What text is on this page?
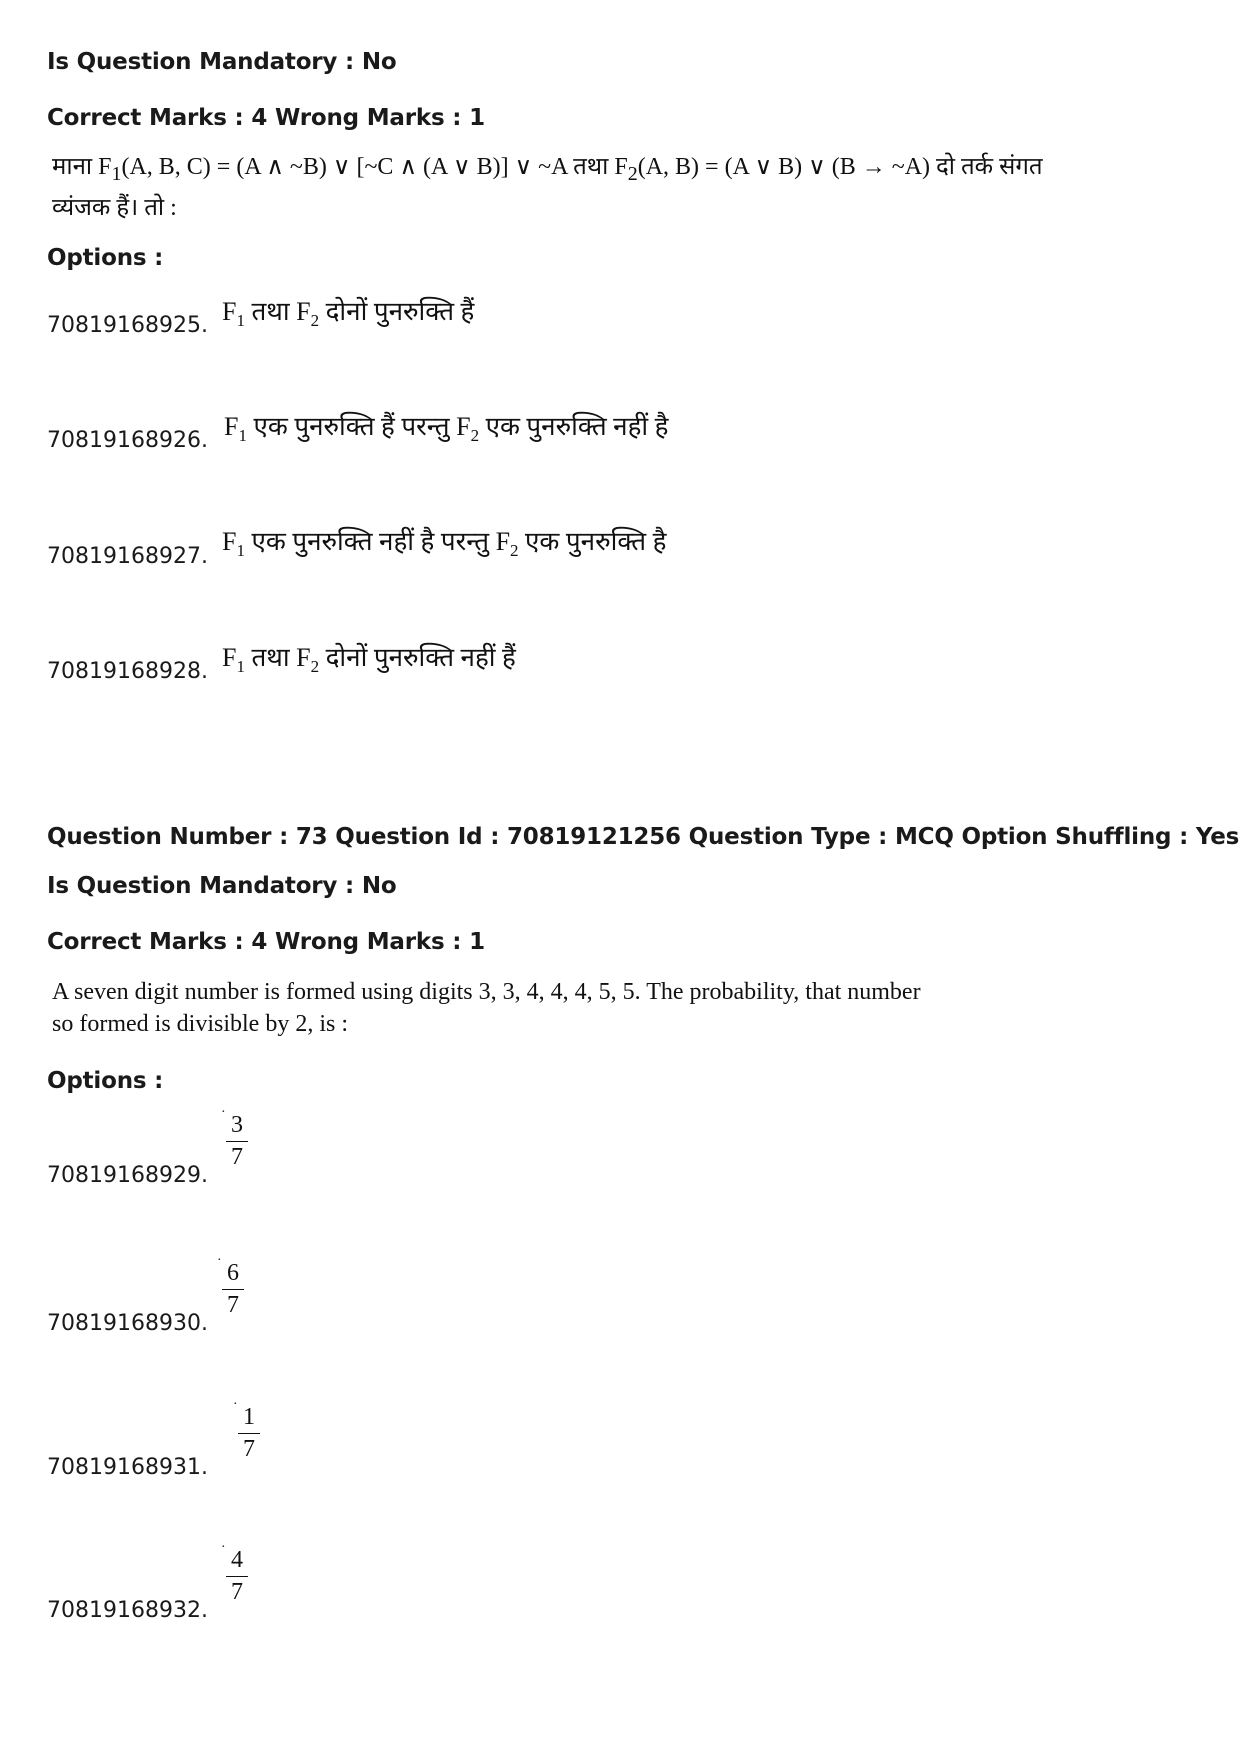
Is Question Mandatory : No
Correct Marks : 4 Wrong Marks : 1
माना $F_1(A$, B, C) = (A ∧ ~B) ∨ [~C ∧ (A ∨ B)] ∨ ~A तथा $F_2(A$, B) = (A ∨ B) ∨ (B → ~A) दो तर्क संगत
व्यंजक हैं। तो :
Options :
70819168925. $F_1$ तथा $F_2$ दोनों पुनरुक्ति हैं
70819168926. $F_1$ एक पुनरुक्ति हैं परन्तु $F_2$ एक पुनरुक्ति नहीं है
70819168927.
$F_1$ एक पुनरुक्ति नहीं है परन्तु $F_2$ एक पुनरुक्ति है
70819168928. $F_1$ तथा $F_2$ दोनों पुनरुक्ति नहीं हैं
Question Number : 73 Question Id : 70819121256 Question Type : MCQ Option Shuffling : Yes
Is Question Mandatory : No
Correct Marks : 4 Wrong Marks : 1
A seven digit number is formed using digits 3, 3, 4, 4, 4, 5, 5. The probability, that number
so formed is divisible by 2, is :
Options :
70819168929.
· 3
7
70819168930.
· 6
7
70819168931.
· 1
7
70819168932.
· 4
7
